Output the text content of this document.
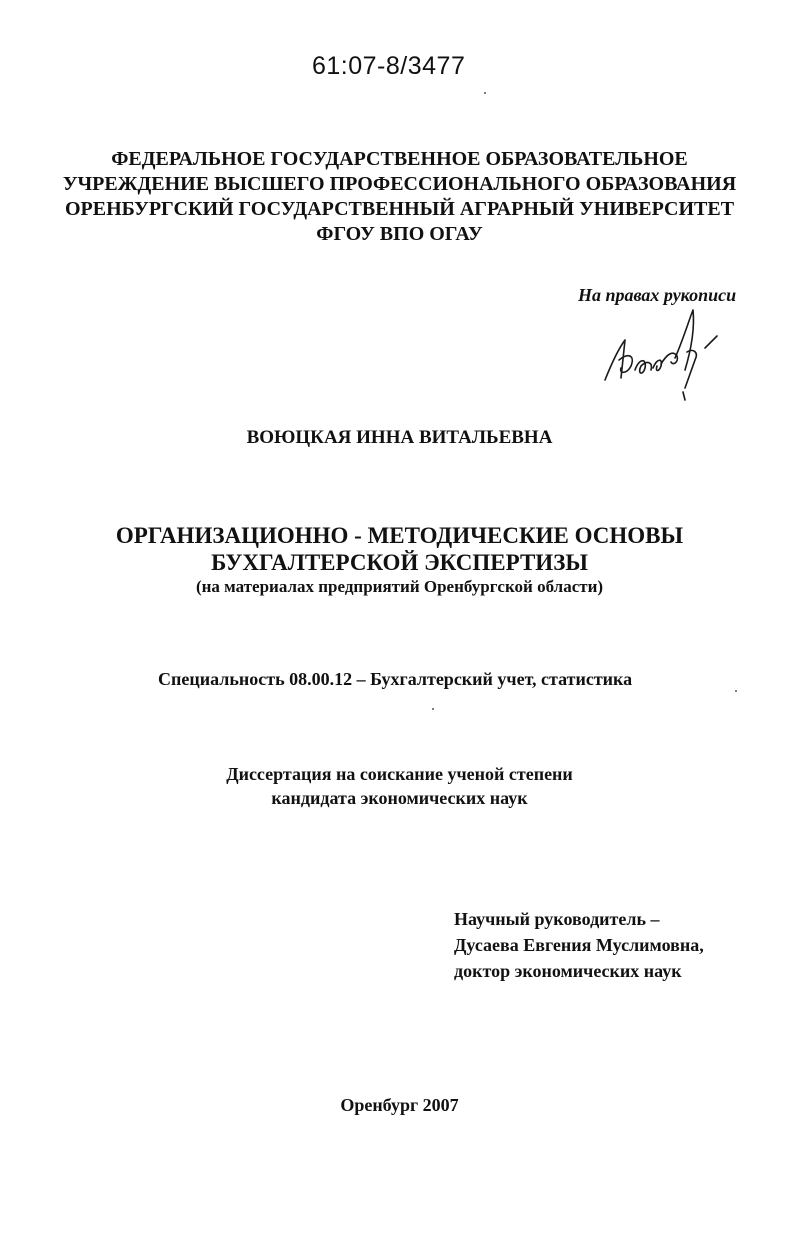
61:07-8/3477
ФЕДЕРАЛЬНОЕ ГОСУДАРСТВЕННОЕ ОБРАЗОВАТЕЛЬНОЕ
УЧРЕЖДЕНИЕ ВЫСШЕГО ПРОФЕССИОНАЛЬНОГО ОБРАЗОВАНИЯ
ОРЕНБУРГСКИЙ ГОСУДАРСТВЕННЫЙ АГРАРНЫЙ УНИВЕРСИТЕТ
ФГОУ ВПО ОГАУ
На правах рукописи
ВОЮЦКАЯ ИННА ВИТАЛЬЕВНА
ОРГАНИЗАЦИОННО - МЕТОДИЧЕСКИЕ ОСНОВЫ
БУХГАЛТЕРСКОЙ ЭКСПЕРТИЗЫ
(на материалах предприятий Оренбургской области)
Специальность 08.00.12 – Бухгалтерский учет, статистика
Диссертация на соискание ученой степени
кандидата экономических наук
Научный руководитель –
Дусаева Евгения Муслимовна,
доктор экономических наук
Оренбург 2007
